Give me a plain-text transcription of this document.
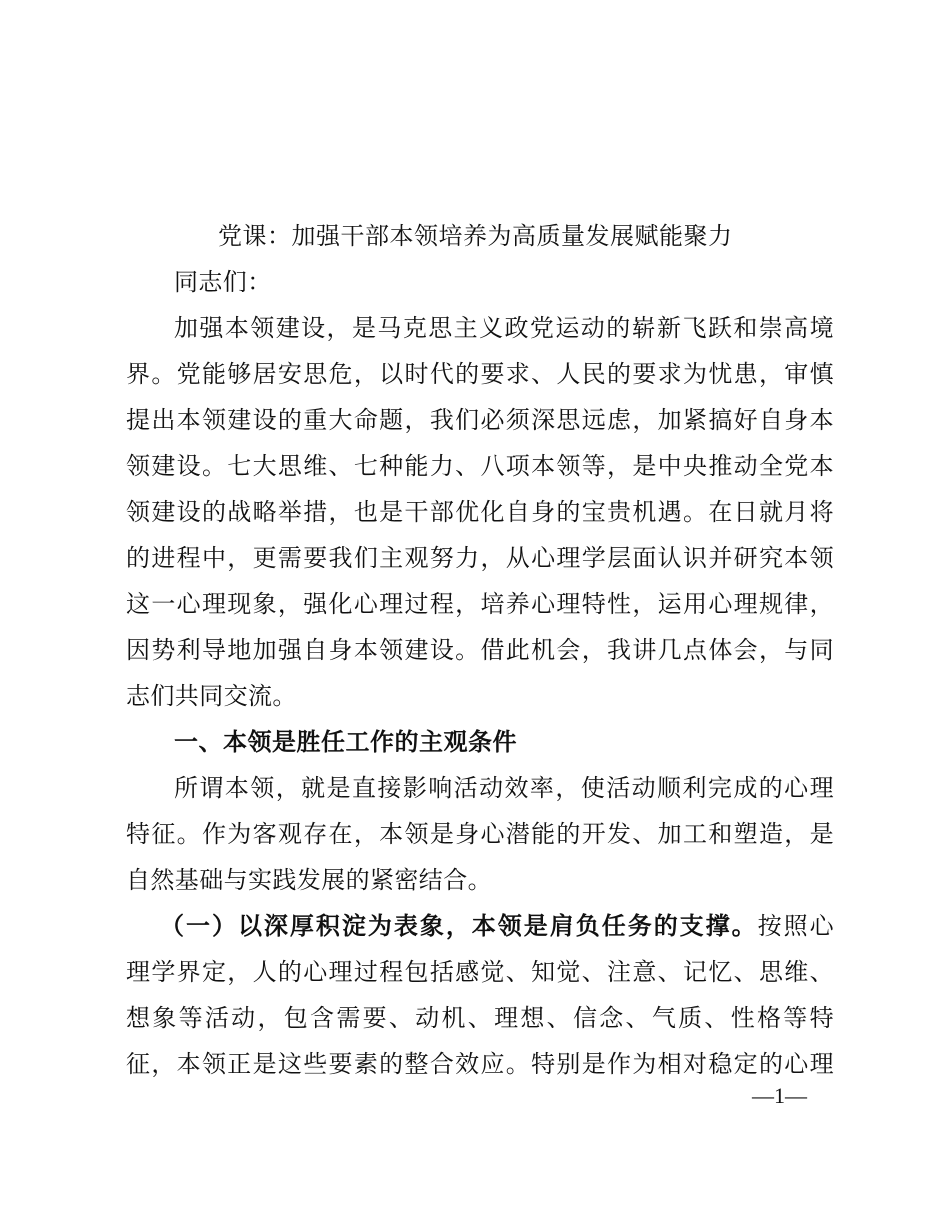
党课：加强干部本领培养为高质量发展赋能聚力
同志们：
加强本领建设，是马克思主义政党运动的崭新飞跃和崇高境
界。党能够居安思危，以时代的要求、人民的要求为忧患，审慎
提出本领建设的重大命题，我们必须深思远虑，加紧搞好自身本
领建设。七大思维、七种能力、八项本领等，是中央推动全党本
领建设的战略举措，也是干部优化自身的宝贵机遇。在日就月将
的进程中，更需要我们主观努力，从心理学层面认识并研究本领
这一心理现象，强化心理过程，培养心理特性，运用心理规律，
因势利导地加强自身本领建设。借此机会，我讲几点体会，与同
志们共同交流。
一、本领是胜任工作的主观条件
所谓本领，就是直接影响活动效率，使活动顺利完成的心理
特征。作为客观存在，本领是身心潜能的开发、加工和塑造，是
自然基础与实践发展的紧密结合。
（一）以深厚积淀为表象，本领是肩负任务的支撑。按照心
理学界定，人的心理过程包括感觉、知觉、注意、记忆、思维、
想象等活动，包含需要、动机、理想、信念、气质、性格等特
征，本领正是这些要素的整合效应。特别是作为相对稳定的心理
—1—
